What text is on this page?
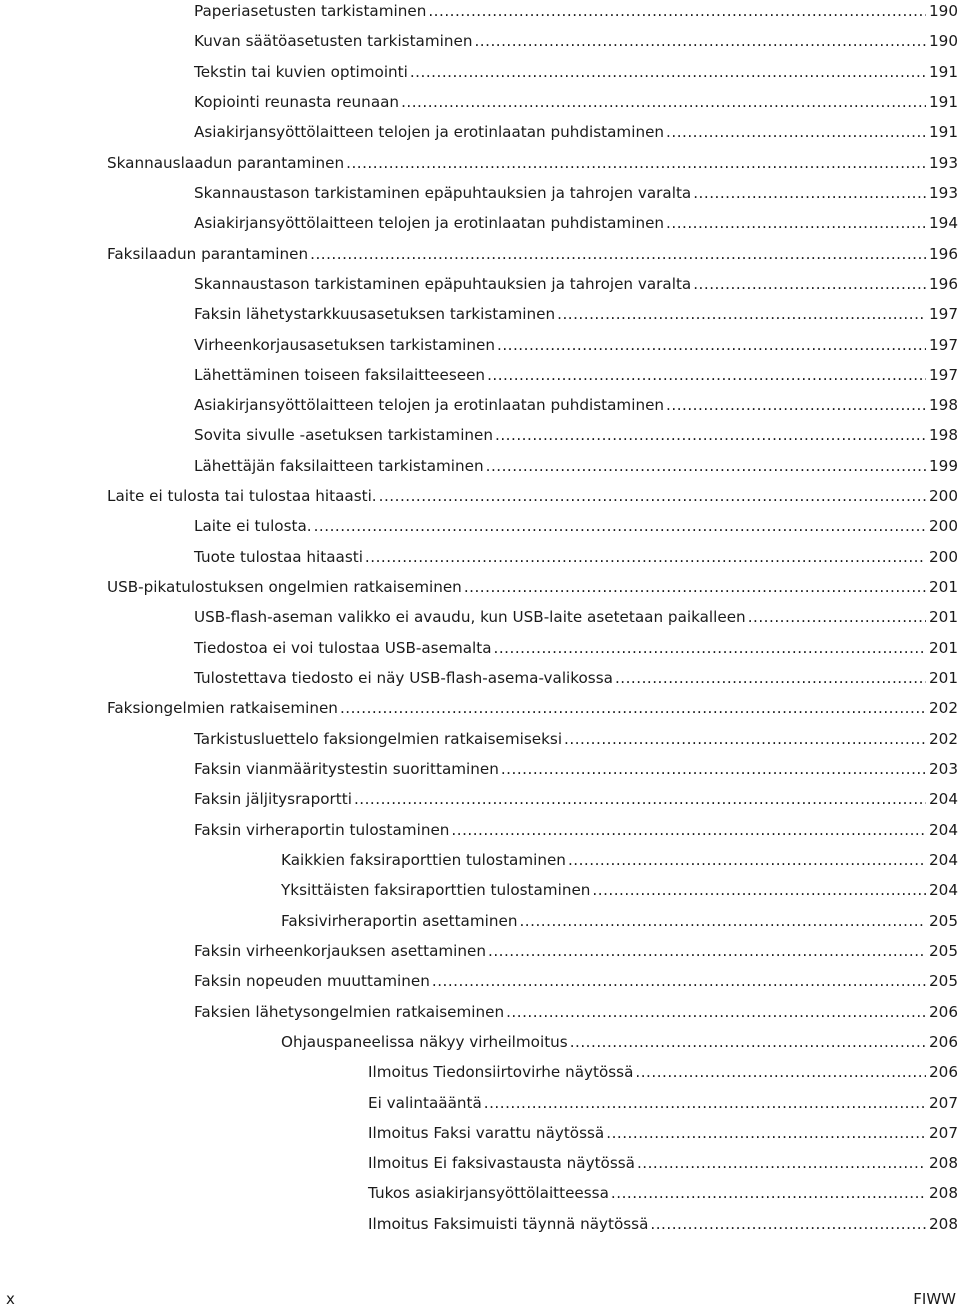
Paperiasetusten tarkistaminen .....	190
Kuvan säätöasetusten tarkistaminen .....	190
Tekstin tai kuvien optimointi .....	191
Kopiointi reunasta reunaan .....	191
Asiakirjansyöttölaitteen telojen ja erotinlaatan puhdistaminen .....	191
Skannauslaadun parantaminen .....	193
Skannaustason tarkistaminen epäpuhtauksien ja tahrojen varalta .....	193
Asiakirjansyöttölaitteen telojen ja erotinlaatan puhdistaminen .....	194
Faksilaadun parantaminen .....	196
Skannaustason tarkistaminen epäpuhtauksien ja tahrojen varalta .....	196
Faksin lähetystarkkuusasetuksen tarkistaminen .....	197
Virheenkorjausasetuksen tarkistaminen .....	197
Lähettäminen toiseen faksilaitteeseen .....	197
Asiakirjansyöttölaitteen telojen ja erotinlaatan puhdistaminen .....	198
Sovita sivulle -asetuksen tarkistaminen .....	198
Lähettäjän faksilaitteen tarkistaminen .....	199
Laite ei tulosta tai tulostaa hitaasti. .....	200
Laite ei tulosta. .....	200
Tuote tulostaa hitaasti .....	200
USB-pikatulostuksen ongelmien ratkaiseminen .....	201
USB-flash-aseman valikko ei avaudu, kun USB-laite asetetaan paikalleen .....	201
Tiedostoa ei voi tulostaa USB-asemalta .....	201
Tulostettava tiedosto ei näy USB-flash-asema-valikossa .....	201
Faksiongelmien ratkaiseminen .....	202
Tarkistusluettelo faksiongelmien ratkaisemiseksi .....	202
Faksin vianmääritystestin suorittaminen .....	203
Faksin jäljitysraportti .....	204
Faksin virheraportin tulostaminen .....	204
Kaikkien faksiraporttien tulostaminen .....	204
Yksittäisten faksiraporttien tulostaminen .....	204
Faksivirheraportin asettaminen .....	205
Faksin virheenkorjauksen asettaminen .....	205
Faksin nopeuden muuttaminen .....	205
Faksien lähetysongelmien ratkaiseminen .....	206
Ohjauspaneelissa näkyy virheilmoitus .....	206
Ilmoitus Tiedonsiirtovirhe näytössä .....	206
Ei valintaääntä .....	207
Ilmoitus Faksi varattu näytössä .....	207
Ilmoitus Ei faksivastausta näytössä .....	208
Tukos asiakirjansyöttölaitteessa .....	208
Ilmoitus Faksimuisti täynnä näytössä .....	208
x	FIWW
